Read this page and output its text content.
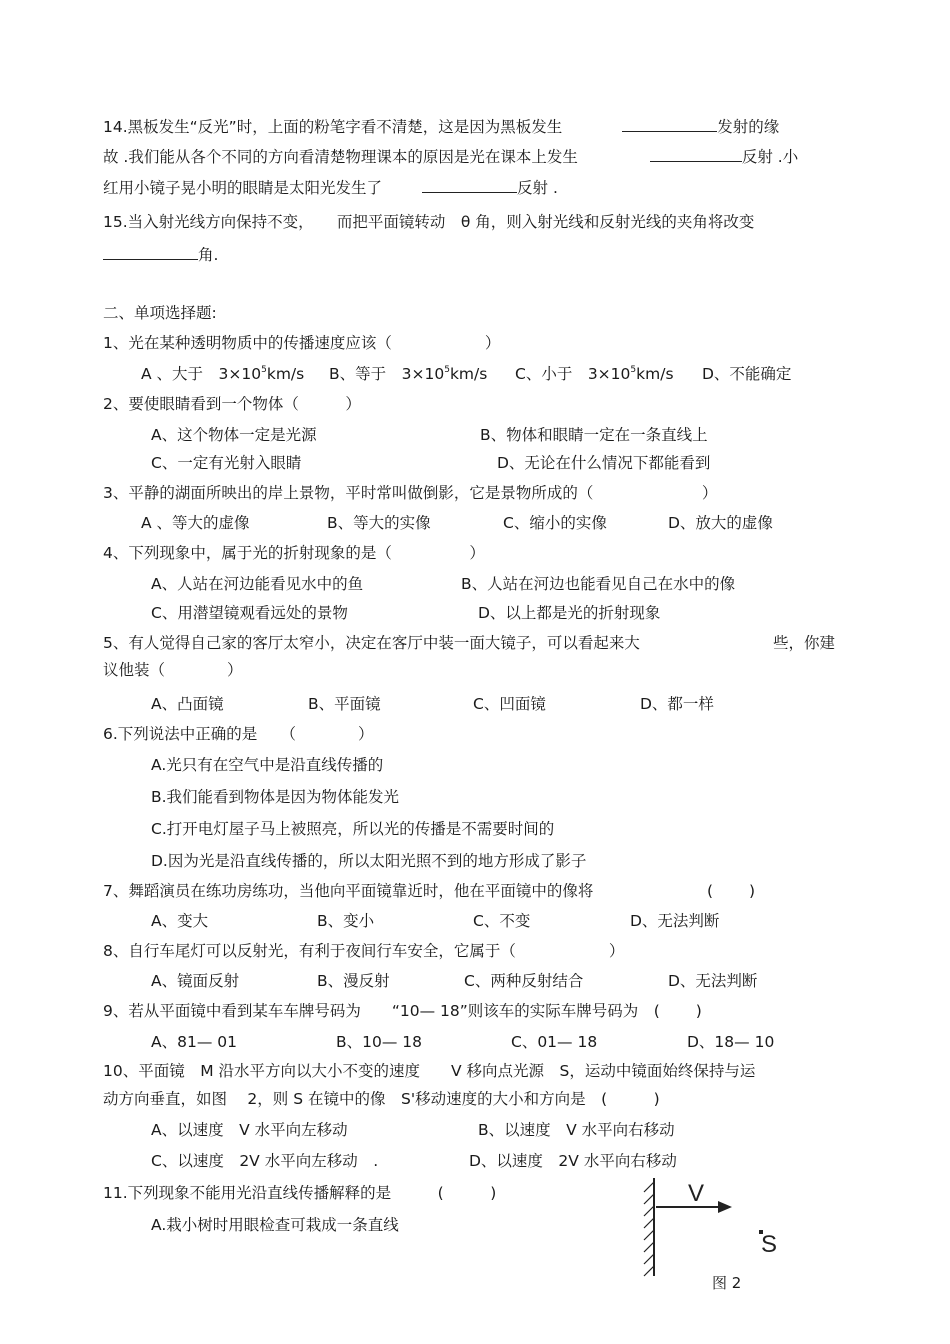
14.黑板发生“反光”时，上面的粉笔字看不清楚，这是因为黑板发生	发射的缘
故 .我们能从各个不同的方向看清楚物理课本的原因是光在课本上发生	反射 .小
红用小镜子晃小明的眼睛是太阳光发生了	反射 .
15.当入射光线方向保持不变，　　而把平面镜转动　θ 角，则入射光线和反射光线的夹角将改变
角.
二、单项选择题:
1、光在某种透明物质中的传播速度应该（　　　　　　）
A 、大于　$3\times 10^5km/s$ B、等于　$3\times 10^5km/s$ C、小于　$3\times 10^5km/s$ D、不能确定
2、要使眼睛看到一个物体（　　　）
A、这个物体一定是光源	B、物体和眼睛一定在一条直线上
C、一定有光射入眼睛	D、无论在什么情况下都能看到
3、平静的湖面所映出的岸上景物，平时常叫做倒影，它是景物所成的（　　　　　　　）
A 、等大的虚像	B、等大的实像	C、缩小的实像	D、放大的虚像
4、下列现象中，属于光的折射现象的是（　　　　　）
A、人站在河边能看见水中的鱼	B、人站在河边也能看见自己在水中的像
C、用潜望镜观看远处的景物	D、以上都是光的折射现象
5、有人觉得自己家的客厅太窄小，决定在客厅中装一面大镜子，可以看起来大	些，你建
议他装（　　　　）
A、凸面镜	B、平面镜	C、凹面镜	D、都一样
6.下列说法中正确的是　　（　　　　）
A.光只有在空气中是沿直线传播的
B.我们能看到物体是因为物体能发光
C.打开电灯屋子马上被照亮，所以光的传播是不需要时间的
D.因为光是沿直线传播的，所以太阳光照不到的地方形成了影子
7、舞蹈演员在练功房练功，当他向平面镜靠近时，他在平面镜中的像将	(　　 )
A、变大	B、变小	C、不变	D、无法判断
8、自行车尾灯可以反射光，有利于夜间行车安全，它属于（　　　　　　）
A、镜面反射	B、漫反射	C、两种反射结合	D、无法判断
9、若从平面镜中看到某车车牌号码为　　“10— 18”则该车的实际车牌号码为　(　　 )
A、81— 01	B、10— 18	C、01— 18	D、18— 10
10、平面镜　M 沿水平方向以大小不变的速度　　V 移向点光源　S，运动中镜面始终保持与运
动方向垂直，如图　 2，则 S 在镜中的像　S'移动速度的大小和方向是　(　　　)
A、以速度　V 水平向左移动	B、以速度　V 水平向右移动
C、以速度　2V 水平向左移动　.	D、以速度　2V 水平向右移动
11.下列现象不能用光沿直线传播解释的是　　　(　　　)
A.栽小树时用眼检查可栽成一条直线
V
S
图 2
